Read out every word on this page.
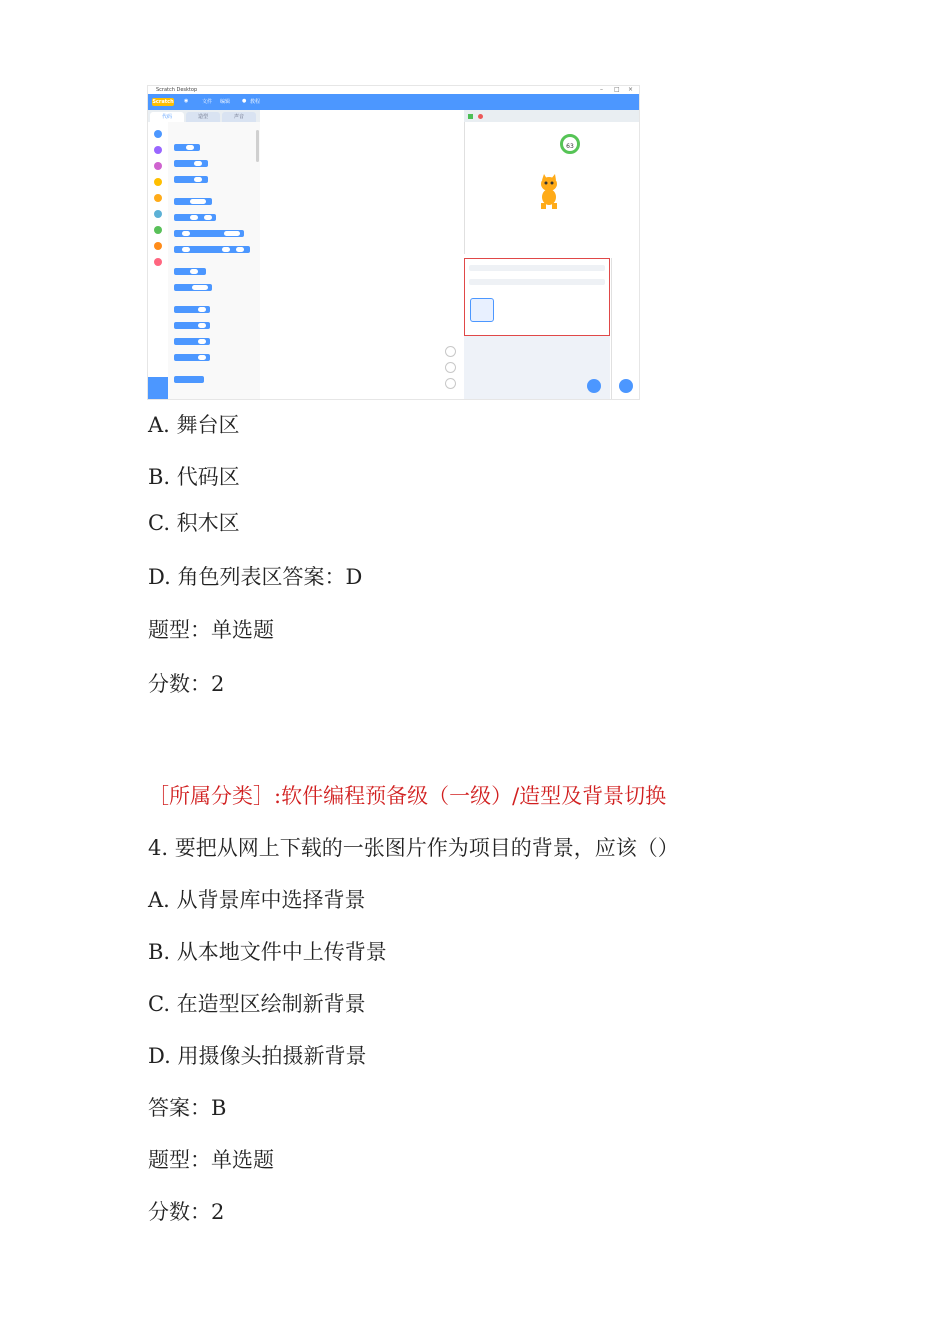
Scratch Desktop	– □ ×
Scratch ◉	文件 编辑 ● 教程
代码	造型	声音
63
A. 舞台区
B. 代码区
C. 积木区
D. 角色列表区答案：D
题型：单选题
分数：2
［所属分类］:软件编程预备级（一级）/造型及背景切换
4. 要把从网上下载的一张图片作为项目的背景，应该（）
A. 从背景库中选择背景
B. 从本地文件中上传背景
C. 在造型区绘制新背景
D. 用摄像头拍摄新背景
答案：B
题型：单选题
分数：2
